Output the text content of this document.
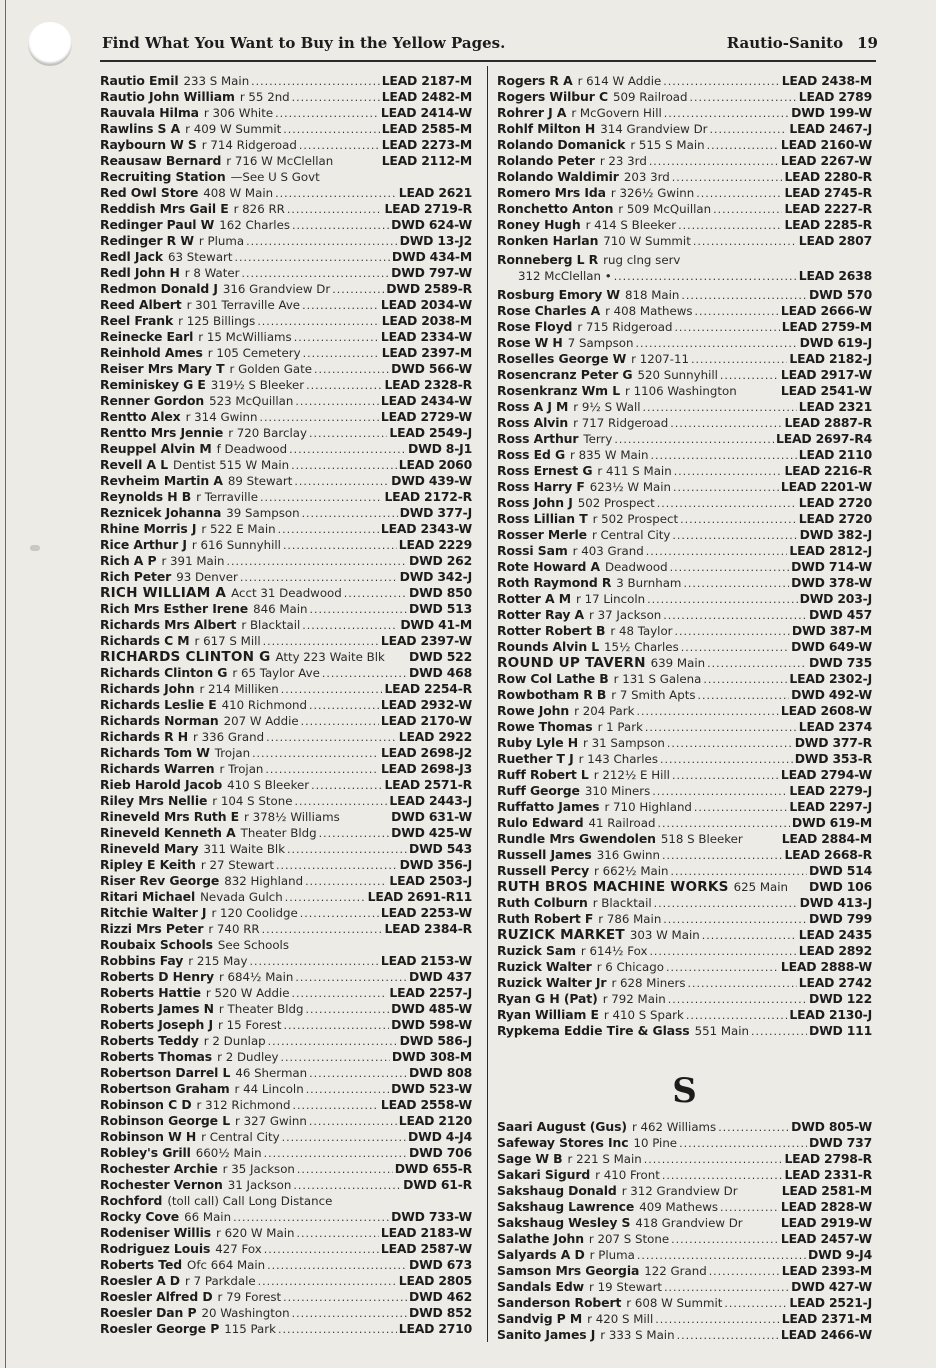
Find What You Want to Buy in the Yellow Pages.	Rautio-Sanito 19
Rautio Emil 233 S Main .....	LEAD 2187-M
Rautio John William r 55 2nd .....	LEAD 2482-M
Rauvala Hilma r 306 White .....	LEAD 2414-W
Rawlins S A r 409 W Summit .....	LEAD 2585-M
Raybourn W S r 714 Ridgeroad .....	LEAD 2273-M
Reausaw Bernard r 716 W McClellan	LEAD 2112-M
Recruiting Station —See U S Govt
Red Owl Store 408 W Main .....	LEAD 2621
Reddish Mrs Gail E r 826 RR .....	LEAD 2719-R
Redinger Paul W 162 Charles .....	DWD 624-W
Redinger R W r Pluma .....	DWD 13-J2
Redl Jack 63 Stewart .....	DWD 434-M
Redl John H r 8 Water .....	DWD 797-W
Redmon Donald J 316 Grandview Dr .....	DWD 2589-R
Reed Albert r 301 Terraville Ave .....	LEAD 2034-W
Reel Frank r 125 Billings .....	LEAD 2038-M
Reinecke Earl r 15 McWilliams .....	LEAD 2334-W
Reinhold Ames r 105 Cemetery .....	LEAD 2397-M
Reiser Mrs Mary T r Golden Gate .....	DWD 566-W
Reminiskey G E 319½ S Bleeker .....	LEAD 2328-R
Renner Gordon 523 McQuillan .....	LEAD 2434-W
Rentto Alex r 314 Gwinn .....	LEAD 2729-W
Rentto Mrs Jennie r 720 Barclay .....	LEAD 2549-J
Reuppel Alvin M f Deadwood .....	DWD 8-J1
Revell A L Dentist 515 W Main .....	LEAD 2060
Revheim Martin A 89 Stewart .....	DWD 439-W
Reynolds H B r Terraville .....	LEAD 2172-R
Reznicek Johanna 39 Sampson .....	DWD 377-J
Rhine Morris J r 522 E Main .....	LEAD 2343-W
Rice Arthur J r 616 Sunnyhill .....	LEAD 2229
Rich A P r 391 Main .....	DWD 262
Rich Peter 93 Denver .....	DWD 342-J
RICH WILLIAM A Acct 31 Deadwood .....	DWD 850
Rich Mrs Esther Irene 846 Main .....	DWD 513
Richards Mrs Albert r Blacktail .....	DWD 41-M
Richards C M r 617 S Mill .....	LEAD 2397-W
RICHARDS CLINTON G Atty 223 Waite Blk DWD 522
Richards Clinton G r 65 Taylor Ave .....	DWD 468
Richards John r 214 Milliken .....	LEAD 2254-R
Richards Leslie E 410 Richmond .....	LEAD 2932-W
Richards Norman 207 W Addie .....	LEAD 2170-W
Richards R H r 336 Grand .....	LEAD 2922
Richards Tom W Trojan .....	LEAD 2698-J2
Richards Warren r Trojan .....	LEAD 2698-J3
Rieb Harold Jacob 410 S Bleeker .....	LEAD 2571-R
Riley Mrs Nellie r 104 S Stone .....	LEAD 2443-J
Rineveld Mrs Ruth E r 378½ Williams	DWD 631-W
Rineveld Kenneth A Theater Bldg .....	DWD 425-W
Rineveld Mary 311 Waite Blk .....	DWD 543
Ripley E Keith r 27 Stewart .....	DWD 356-J
Riser Rev George 832 Highland .....	LEAD 2503-J
Ritari Michael Nevada Gulch .....	LEAD 2691-R11
Ritchie Walter J r 120 Coolidge .....	LEAD 2253-W
Rizzi Mrs Peter r 740 RR .....	LEAD 2384-R
Roubaix Schools See Schools
Robbins Fay r 215 May .....	LEAD 2153-W
Roberts D Henry r 684½ Main .....	DWD 437
Roberts Hattie r 520 W Addie .....	LEAD 2257-J
Roberts James N r Theater Bldg .....	DWD 485-W
Roberts Joseph J r 15 Forest .....	DWD 598-W
Roberts Teddy r 2 Dunlap .....	DWD 586-J
Roberts Thomas r 2 Dudley .....	DWD 308-M
Robertson Darrel L 46 Sherman .....	DWD 808
Robertson Graham r 44 Lincoln .....	DWD 523-W
Robinson C D r 312 Richmond .....	LEAD 2558-W
Robinson George L r 327 Gwinn .....	LEAD 2120
Robinson W H r Central City .....	DWD 4-J4
Robley's Grill 660½ Main .....	DWD 706
Rochester Archie r 35 Jackson .....	DWD 655-R
Rochester Vernon 31 Jackson .....	DWD 61-R
Rochford (toll call) Call Long Distance
Rocky Cove 66 Main .....	DWD 733-W
Rodeniser Willis r 620 W Main .....	LEAD 2183-W
Rodriguez Louis 427 Fox .....	LEAD 2587-W
Roberts Ted Ofc 664 Main .....	DWD 673
Roesler A D r 7 Parkdale .....	LEAD 2805
Roesler Alfred D r 79 Forest .....	DWD 462
Roesler Dan P 20 Washington .....	DWD 852
Roesler George P 115 Park .....	LEAD 2710
Rogers R A r 614 W Addie .....	LEAD 2438-M
Rogers Wilbur C 509 Railroad .....	LEAD 2789
Rohrer J A r McGovern Hill .....	DWD 199-W
Rohlf Milton H 314 Grandview Dr .....	LEAD 2467-J
Rolando Domanick r 515 S Main .....	LEAD 2160-W
Rolando Peter r 23 3rd .....	LEAD 2267-W
Rolando Waldimir 203 3rd .....	LEAD 2280-R
Romero Mrs Ida r 326½ Gwinn .....	LEAD 2745-R
Ronchetto Anton r 509 McQuillan .....	LEAD 2227-R
Roney Hugh r 414 S Bleeker .....	LEAD 2285-R
Ronken Harlan 710 W Summit .....	LEAD 2807
Ronneberg L R rug clng serv
312 McClellan • .....	LEAD 2638
Rosburg Emory W 818 Main .....	DWD 570
Rose Charles A r 408 Mathews .....	LEAD 2666-W
Rose Floyd r 715 Ridgeroad .....	LEAD 2759-M
Rose W H 7 Sampson .....	DWD 619-J
Roselles George W r 1207-11 .....	LEAD 2182-J
Rosencranz Peter G 520 Sunnyhill .....	LEAD 2917-W
Rosenkranz Wm L r 1106 Washington	LEAD 2541-W
Ross A J M r 9½ S Wall .....	LEAD 2321
Ross Alvin r 717 Ridgeroad .....	LEAD 2887-R
Ross Arthur Terry .....	LEAD 2697-R4
Ross Ed G r 835 W Main .....	LEAD 2110
Ross Ernest G r 411 S Main .....	LEAD 2216-R
Ross Harry F 623½ W Main .....	LEAD 2201-W
Ross John J 502 Prospect .....	LEAD 2720
Ross Lillian T r 502 Prospect .....	LEAD 2720
Rosser Merle r Central City .....	DWD 382-J
Rossi Sam r 403 Grand .....	LEAD 2812-J
Rote Howard A Deadwood .....	DWD 714-W
Roth Raymond R 3 Burnham .....	DWD 378-W
Rotter A M r 17 Lincoln .....	DWD 203-J
Rotter Ray A r 37 Jackson .....	DWD 457
Rotter Robert B r 48 Taylor .....	DWD 387-M
Rounds Alvin L 15½ Charles .....	DWD 649-W
ROUND UP TAVERN 639 Main .....	DWD 735
Row Col Lathe B r 131 S Galena .....	LEAD 2302-J
Rowbotham R B r 7 Smith Apts .....	DWD 492-W
Rowe John r 204 Park .....	LEAD 2608-W
Rowe Thomas r 1 Park .....	LEAD 2374
Ruby Lyle H r 31 Sampson .....	DWD 377-R
Ruether T J r 143 Charles .....	DWD 353-R
Ruff Robert L r 212½ E Hill .....	LEAD 2794-W
Ruff George 310 Miners .....	LEAD 2279-J
Ruffatto James r 710 Highland .....	LEAD 2297-J
Rulo Edward 41 Railroad .....	DWD 619-M
Rundle Mrs Gwendolen 518 S Bleeker	LEAD 2884-M
Russell James 316 Gwinn .....	LEAD 2668-R
Russell Percy r 662½ Main .....	DWD 514
RUTH BROS MACHINE WORKS 625 Main DWD 106
Ruth Colburn r Blacktail .....	DWD 413-J
Ruth Robert F r 786 Main .....	DWD 799
RUZICK MARKET 303 W Main .....	LEAD 2435
Ruzick Sam r 614½ Fox .....	LEAD 2892
Ruzick Walter r 6 Chicago .....	LEAD 2888-W
Ruzick Walter Jr r 628 Miners .....	LEAD 2742
Ryan G H (Pat) r 792 Main .....	DWD 122
Ryan William E r 410 S Spark .....	LEAD 2130-J
Rypkema Eddie Tire & Glass 551 Main .....	DWD 111
S
Saari August (Gus) r 462 Williams .....	DWD 805-W
Safeway Stores Inc 10 Pine .....	DWD 737
Sage W B r 221 S Main .....	LEAD 2798-R
Sakari Sigurd r 410 Front .....	LEAD 2331-R
Sakshaug Donald r 312 Grandview Dr	LEAD 2581-M
Sakshaug Lawrence 409 Mathews .....	LEAD 2828-W
Sakshaug Wesley S 418 Grandview Dr	LEAD 2919-W
Salathe John r 207 S Stone .....	LEAD 2457-W
Salyards A D r Pluma .....	DWD 9-J4
Samson Mrs Georgia 122 Grand .....	LEAD 2393-M
Sandals Edw r 19 Stewart .....	DWD 427-W
Sanderson Robert r 608 W Summit .....	LEAD 2521-J
Sandvig P M r 420 S Mill .....	LEAD 2371-M
Sanito James J r 333 S Main .....	LEAD 2466-W
